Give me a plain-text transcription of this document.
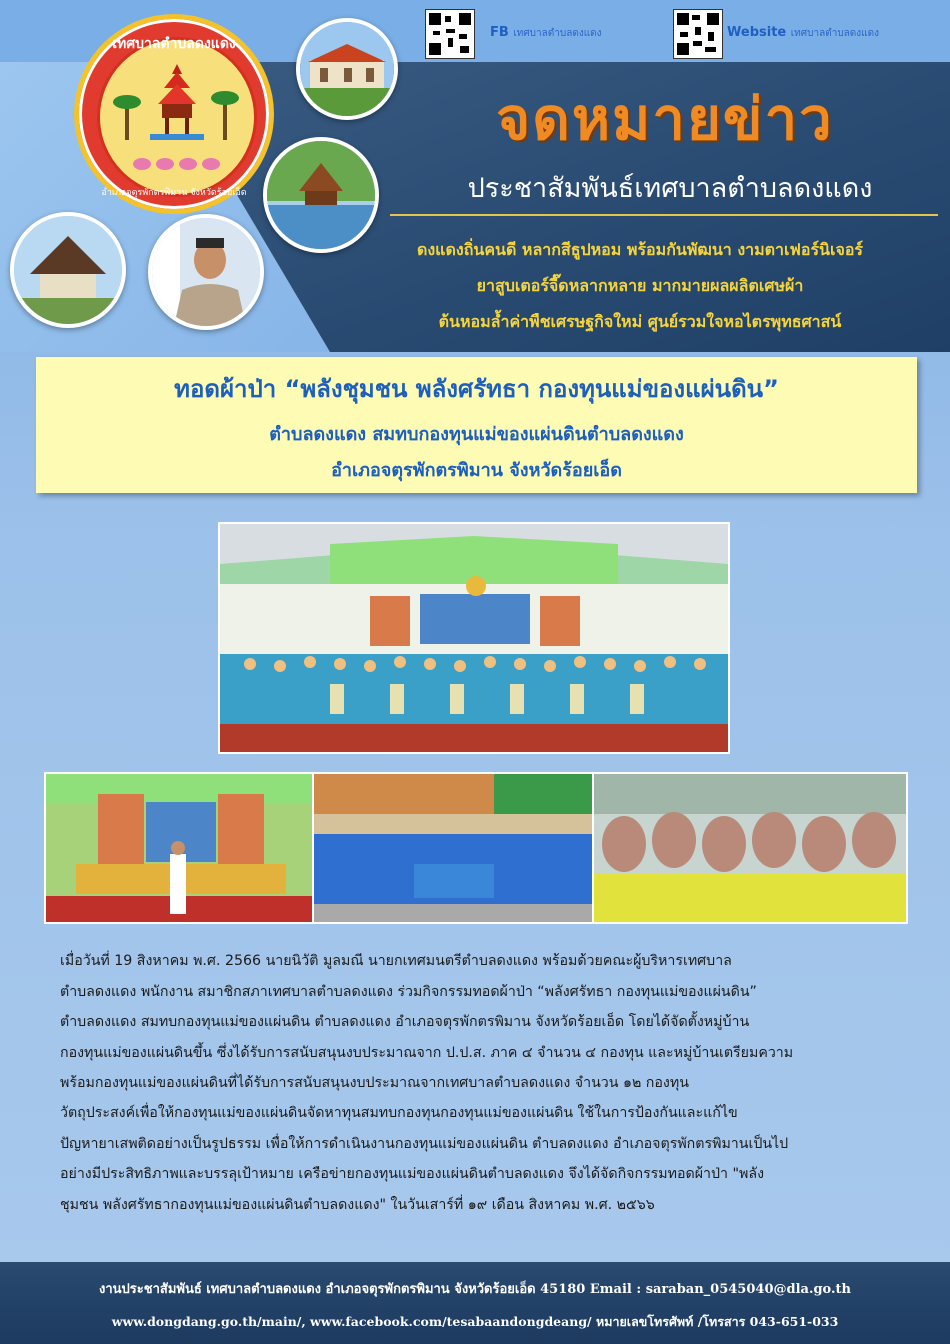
FB เทศบาลตำบลดงแดง	Website เทศบาลตำบลดงแดง
เทศบาลตำบลดงแดง
อำเภอจตุรพักตรพิมาน จังหวัดร้อยเอ็ด
จดหมายข่าว
ประชาสัมพันธ์เทศบาลตำบลดงแดง
ดงแดงถิ่นคนดี หลากสีธูปหอม พร้อมกันพัฒนา งามตาเฟอร์นิเจอร์
ยาสูบเตอร์จี๊ดหลากหลาย มากมายผลผลิตเศษผ้า
ต้นหอมล้ำค่าพืชเศรษฐกิจใหม่ ศูนย์รวมใจหอไตรพุทธศาสน์
ทอดผ้าป่า “พลังชุมชน พลังศรัทธา กองทุนแม่ของแผ่นดิน”
ตำบลดงแดง สมทบกองทุนแม่ของแผ่นดินตำบลดงแดง
อำเภอจตุรพักตรพิมาน จังหวัดร้อยเอ็ด
เมื่อวันที่ 19 สิงหาคม พ.ศ. 2566 นายนิวัติ มูลมณี นายกเทศมนตรีตำบลดงแดง พร้อมด้วยคณะผู้บริหารเทศบาล
ตำบลดงแดง พนักงาน สมาชิกสภาเทศบาลตำบลดงแดง ร่วมกิจกรรมทอดผ้าป่า “พลังศรัทธา กองทุนแม่ของแผ่นดิน”
ตำบลดงแดง สมทบกองทุนแม่ของแผ่นดิน ตำบลดงแดง อำเภอจตุรพักตรพิมาน จังหวัดร้อยเอ็ด โดยได้จัดตั้งหมู่บ้าน
กองทุนแม่ของแผ่นดินขึ้น ซึ่งได้รับการสนับสนุนงบประมาณจาก ป.ป.ส. ภาค ๔ จำนวน ๔ กองทุน และหมู่บ้านเตรียมความ
พร้อมกองทุนแม่ของแผ่นดินที่ได้รับการสนับสนุนงบประมาณจากเทศบาลตำบลดงแดง จำนวน ๑๒ กองทุน
วัตถุประสงค์เพื่อให้กองทุนแม่ของแผ่นดินจัดหาทุนสมทบกองทุนกองทุนแม่ของแผ่นดิน ใช้ในการป้องกันและแก้ไข
ปัญหายาเสพติดอย่างเป็นรูปธรรม เพื่อให้การดำเนินงานกองทุนแม่ของแผ่นดิน ตำบลดงแดง อำเภอจตุรพักตรพิมานเป็นไป
อย่างมีประสิทธิภาพและบรรลุเป้าหมาย เครือข่ายกองทุนแม่ของแผ่นดินตำบลดงแดง จึงได้จัดกิจกรรมทอดผ้าป่า "พลัง
ชุมชน พลังศรัทธากองทุนแม่ของแผ่นดินตำบลดงแดง" ในวันเสาร์ที่ ๑๙ เดือน สิงหาคม พ.ศ. ๒๕๖๖
งานประชาสัมพันธ์ เทศบาลตำบลดงแดง อำเภอจตุรพักตรพิมาน จังหวัดร้อยเอ็ด 45180 Email : saraban_0545040@dla.go.th
www.dongdang.go.th/main/, www.facebook.com/tesabaandongdeang/ หมายเลขโทรศัพท์ /โทรสาร 043-651-033
